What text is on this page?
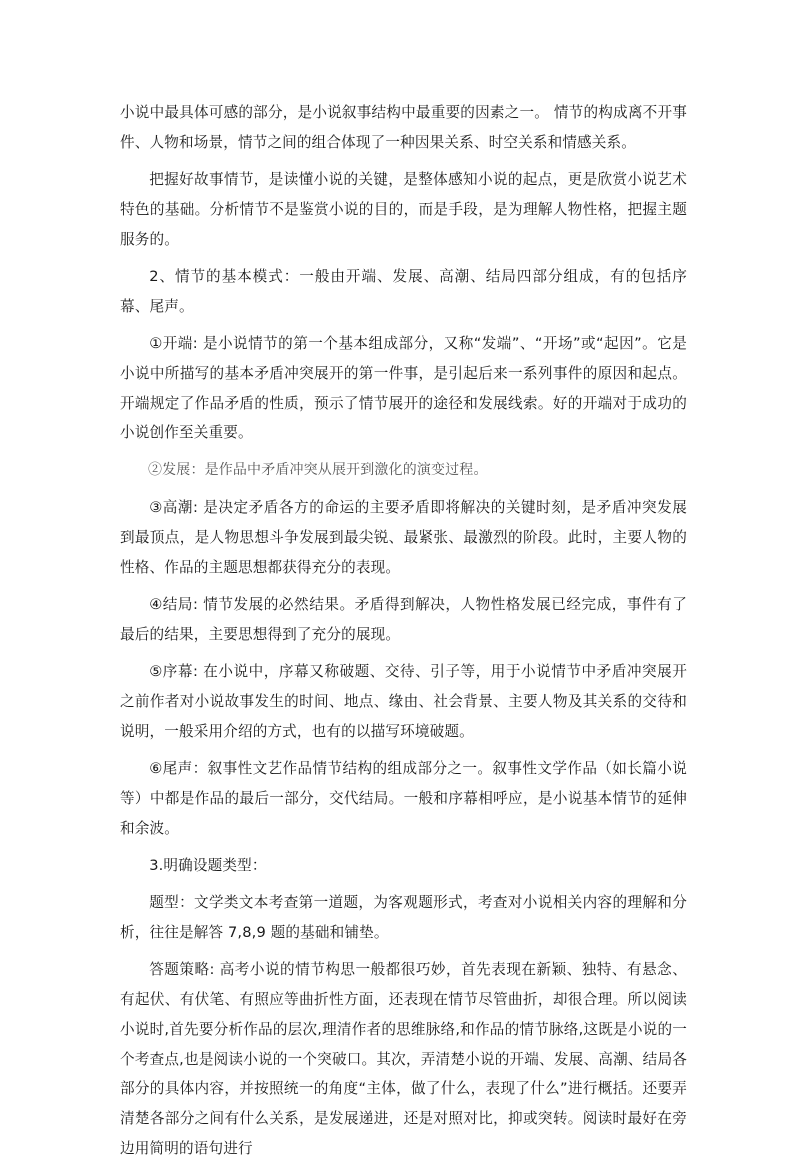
小说中最具体可感的部分，是小说叙事结构中最重要的因素之一。 情节的构成离不开事件、人物和场景，情节之间的组合体现了一种因果关系、时空关系和情感关系。

把握好故事情节，是读懂小说的关键，是整体感知小说的起点，更是欣赏小说艺术特色的基础。分析情节不是鉴赏小说的目的，而是手段，是为理解人物性格，把握主题服务的。

2、情节的基本模式：一般由开端、发展、高潮、结局四部分组成，有的包括序幕、尾声。

①开端: 是小说情节的第一个基本组成部分，又称“发端”、“开场”或“起因”。它是小说中所描写的基本矛盾冲突展开的第一件事，是引起后来一系列事件的原因和起点。开端规定了作品矛盾的性质，预示了情节展开的途径和发展线索。好的开端对于成功的小说创作至关重要。

②发展：是作品中矛盾冲突从展开到激化的演变过程。

③高潮: 是决定矛盾各方的命运的主要矛盾即将解决的关键时刻，是矛盾冲突发展到最顶点，是人物思想斗争发展到最尖锐、最紧张、最激烈的阶段。此时，主要人物的性格、作品的主题思想都获得充分的表现。

④结局: 情节发展的必然结果。矛盾得到解决，人物性格发展已经完成，事件有了最后的结果，主要思想得到了充分的展现。

⑤序幕: 在小说中，序幕又称破题、交待、引子等，用于小说情节中矛盾冲突展开之前作者对小说故事发生的时间、地点、缘由、社会背景、主要人物及其关系的交待和说明，一般采用介绍的方式，也有的以描写环境破题。

⑥尾声：叙事性文艺作品情节结构的组成部分之一。叙事性文学作品（如长篇小说等）中都是作品的最后一部分，交代结局。一般和序幕相呼应，是小说基本情节的延伸和余波。

3.明确设题类型：

题型：文学类文本考查第一道题，为客观题形式，考查对小说相关内容的理解和分析，往往是解答 7,8,9 题的基础和铺垫。

答题策略: 高考小说的情节构思一般都很巧妙，首先表现在新颖、独特、有悬念、有起伏、有伏笔、有照应等曲折性方面，还表现在情节尽管曲折，却很合理。所以阅读小说时,首先要分析作品的层次,理清作者的思维脉络,和作品的情节脉络,这既是小说的一个考查点,也是阅读小说的一个突破口。其次，弄清楚小说的开端、发展、高潮、结局各部分的具体内容，并按照统一的角度“主体，做了什么，表现了什么”进行概括。还要弄清楚各部分之间有什么关系，是发展递进，还是对照对比，抑或突转。阅读时最好在旁边用简明的语句进行
